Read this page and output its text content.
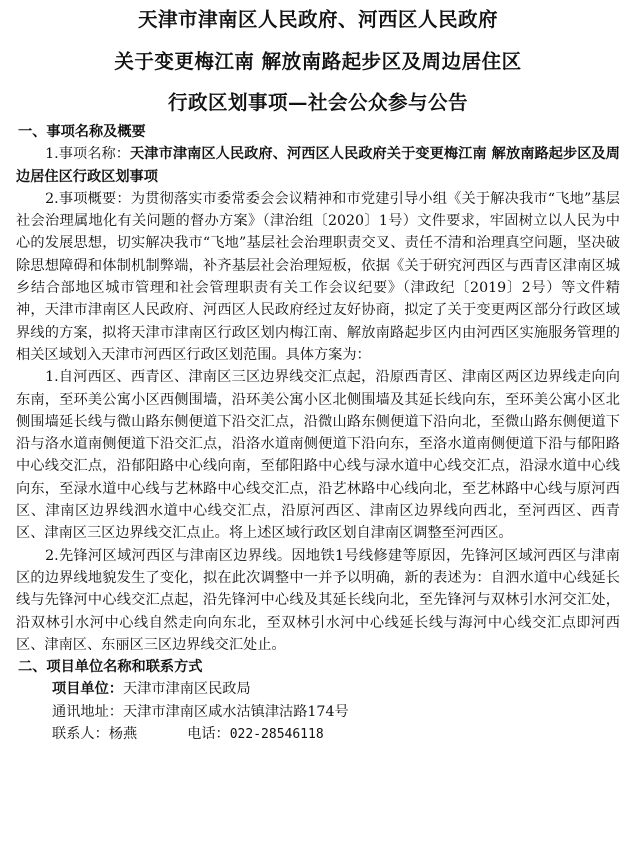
天津市津南区人民政府、河西区人民政府
关于变更梅江南 解放南路起步区及周边居住区
行政区划事项—社会公众参与公告

一、事项名称及概要

1.事项名称：天津市津南区人民政府、河西区人民政府关于变更梅江南 解放南路起步区及周边居住区行政区划事项

2.事项概要：为贯彻落实市委常委会会议精神和市党建引导小组《关于解决我市“飞地”基层社会治理属地化有关问题的督办方案》（津治组〔2020〕1号）文件要求，牢固树立以人民为中心的发展思想，切实解决我市“飞地”基层社会治理职责交叉、责任不清和治理真空问题，坚决破除思想障碍和体制机制弊端，补齐基层社会治理短板，依据《关于研究河西区与西青区津南区城乡结合部地区城市管理和社会管理职责有关工作会议纪要》（津政纪〔2019〕2号）等文件精神，天津市津南区人民政府、河西区人民政府经过友好协商，拟定了关于变更两区部分行政区域界线的方案，拟将天津市津南区行政区划内梅江南、解放南路起步区内由河西区实施服务管理的相关区域划入天津市河西区行政区划范围。具体方案为：

1.自河西区、西青区、津南区三区边界线交汇点起，沿原西青区、津南区两区边界线走向向东南，至环美公寓小区西侧围墙，沿环美公寓小区北侧围墙及其延长线向东，至环美公寓小区北侧围墙延长线与微山路东侧便道下沿交汇点，沿微山路东侧便道下沿向北，至微山路东侧便道下沿与洛水道南侧便道下沿交汇点，沿洛水道南侧便道下沿向东，至洛水道南侧便道下沿与郁阳路中心线交汇点，沿郁阳路中心线向南，至郁阳路中心线与渌水道中心线交汇点，沿渌水道中心线向东，至渌水道中心线与艺林路中心线交汇点，沿艺林路中心线向北，至艺林路中心线与原河西区、津南区边界线泗水道中心线交汇点，沿原河西区、津南区边界线向西北，至河西区、西青区、津南区三区边界线交汇点止。将上述区域行政区划自津南区调整至河西区。

2.先锋河区域河西区与津南区边界线。因地铁1号线修建等原因，先锋河区域河西区与津南区的边界线地貌发生了变化，拟在此次调整中一并予以明确，新的表述为：自泗水道中心线延长线与先锋河中心线交汇点起，沿先锋河中心线及其延长线向北，至先锋河与双林引水河交汇处，沿双林引水河中心线自然走向向东北，至双林引水河中心线延长线与海河中心线交汇点即河西区、津南区、东丽区三区边界线交汇处止。

二、项目单位名称和联系方式

项目单位：天津市津南区民政局

通讯地址：天津市津南区咸水沽镇津沽路174号

联系人：杨燕	电话：022-28546118
